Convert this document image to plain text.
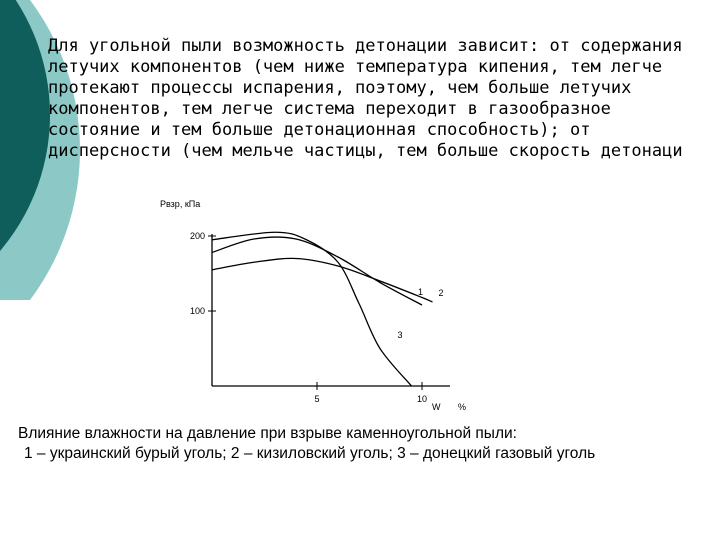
Для угольной пыли возможность детонации зависит: от содержания летучих компонентов (чем ниже температура кипения, тем легче протекают процессы испарения, поэтому, чем больше летучих компонентов, тем легче система переходит в газообразное состояние и тем больше детонационная способность); от дисперсности (чем мельче частицы, тем больше скорость детонаци

Pвзр, кПа
W %
100
200
5	10
1 2
3
Влияние влажности на давление при взрыве каменноугольной пыли:
1 – украинский бурый уголь; 2 – кизиловский уголь; 3 – донецкий газовый уголь
